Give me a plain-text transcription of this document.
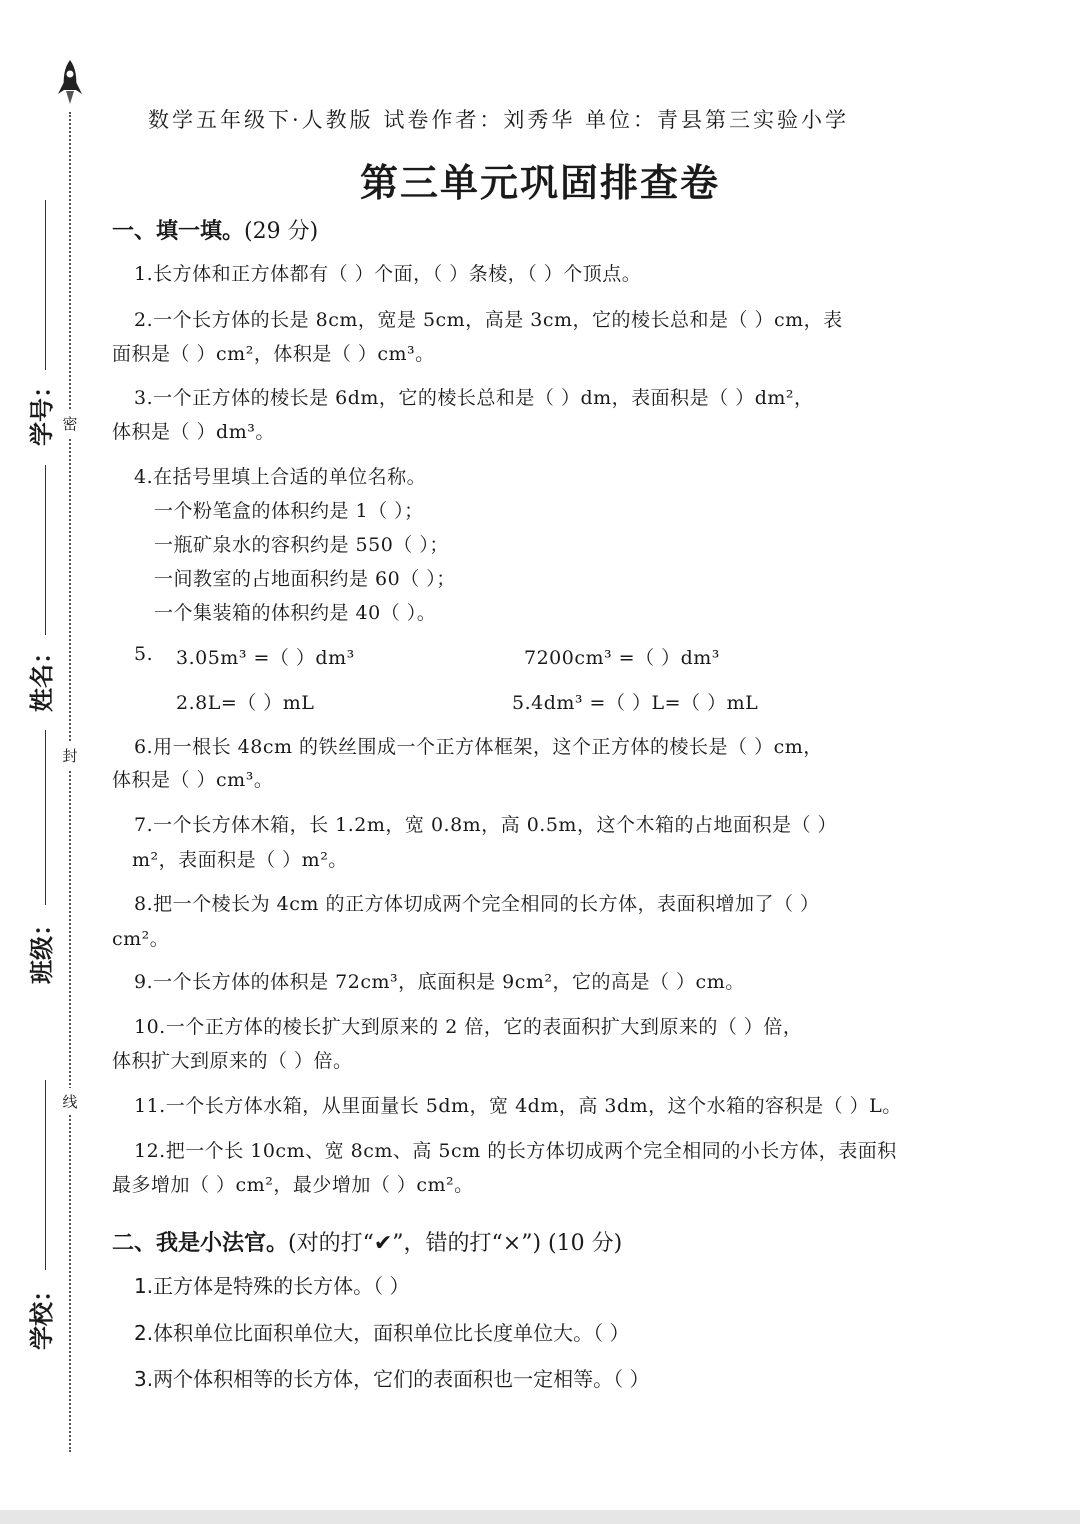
学号：
姓名：
班级：
学校：
密
封
线
数学五年级下·人教版 试卷作者：刘秀华 单位：青县第三实验小学
第三单元巩固排查卷
一、填一填。(29 分)
1.长方体和正方体都有（ ）个面，（ ）条棱，（ ）个顶点。
2.一个长方体的长是 8cm，宽是 5cm，高是 3cm，它的棱长总和是（ ）cm，表
面积是（ ）cm²，体积是（ ）cm³。
3.一个正方体的棱长是 6dm，它的棱长总和是（ ）dm，表面积是（ ）dm²，
体积是（ ）dm³。
4.在括号里填上合适的单位名称。
一个粉笔盒的体积约是 1（ ）；
一瓶矿泉水的容积约是 550（ ）；
一间教室的占地面积约是 60（ ）；
一个集装箱的体积约是 40（ ）。
5. 3.05m³ =（ ）dm³	7200cm³ =（ ）dm³
2.8L=（ ）mL	5.4dm³ =（ ）L=（ ）mL
6.用一根长 48cm 的铁丝围成一个正方体框架，这个正方体的棱长是（ ）cm，
体积是（ ）cm³。
7.一个长方体木箱，长 1.2m，宽 0.8m，高 0.5m，这个木箱的占地面积是（ ）
m²，表面积是（ ）m²。
8.把一个棱长为 4cm 的正方体切成两个完全相同的长方体，表面积增加了（ ）
cm²。
9.一个长方体的体积是 72cm³，底面积是 9cm²，它的高是（ ）cm。
10.一个正方体的棱长扩大到原来的 2 倍，它的表面积扩大到原来的（ ）倍，
体积扩大到原来的（ ）倍。
11.一个长方体水箱，从里面量长 5dm，宽 4dm，高 3dm，这个水箱的容积是（ ）L。
12.把一个长 10cm、宽 8cm、高 5cm 的长方体切成两个完全相同的小长方体，表面积
最多增加（ ）cm²，最少增加（ ）cm²。
二、我是小法官。(对的打“✔”，错的打“×”) (10 分)
1.正方体是特殊的长方体。（ ）
2.体积单位比面积单位大，面积单位比长度单位大。（ ）
3.两个体积相等的长方体，它们的表面积也一定相等。（ ）
